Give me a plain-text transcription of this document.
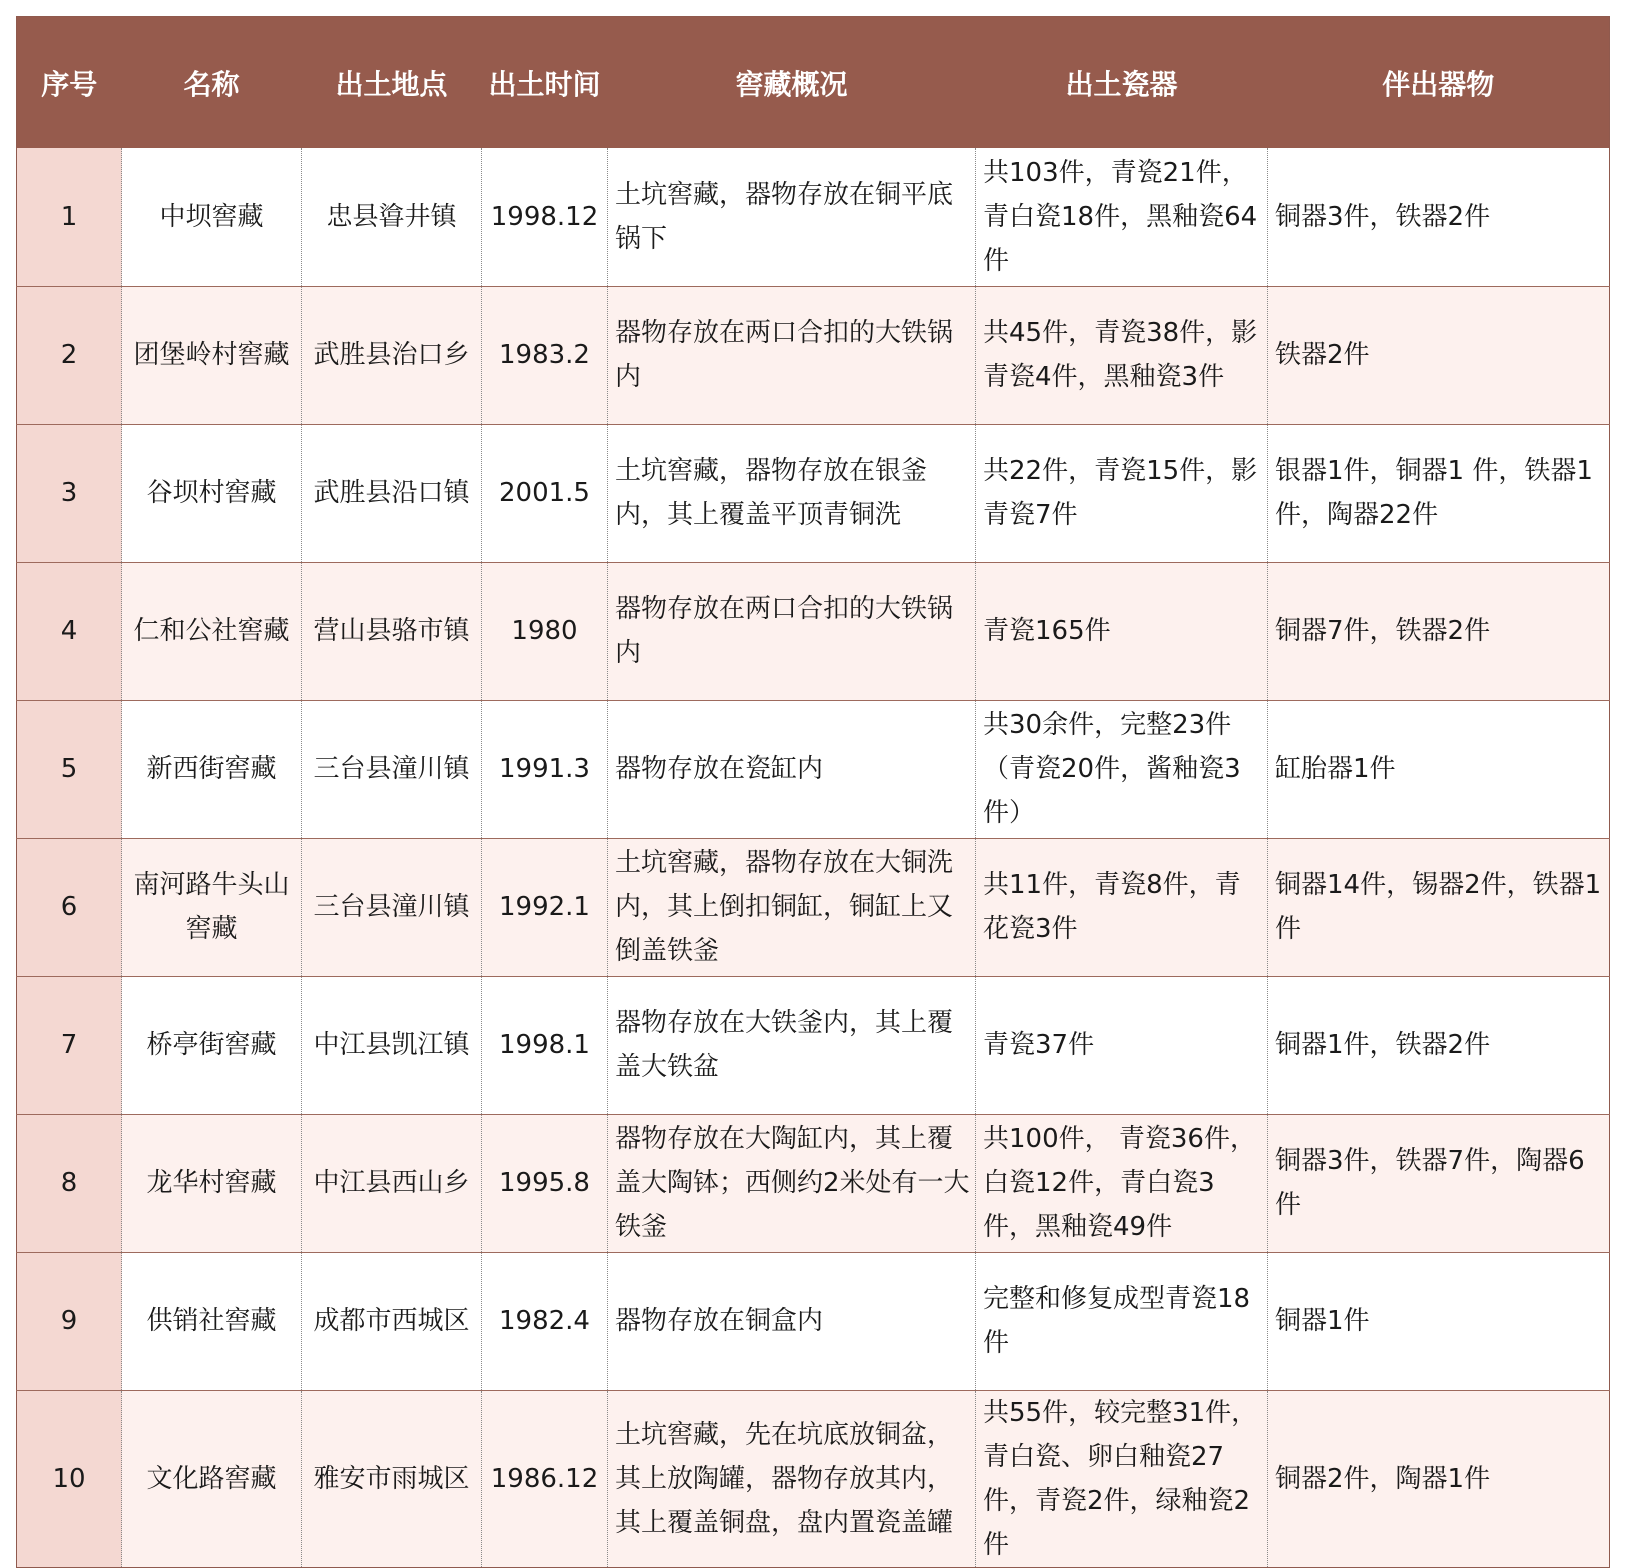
序号	名称	出土地点	出土时间	窖藏概况	出土瓷器	伴出器物
1	中坝窖藏	忠县㽏井镇	1998.12	土坑窖藏，器物存放在铜平底锅下	共103件，青瓷21件，青白瓷18件，黑釉瓷64件	铜器3件，铁器2件
2	团堡岭村窖藏	武胜县治口乡	1983.2	器物存放在两口合扣的大铁锅内	共45件，青瓷38件，影青瓷4件，黑釉瓷3件	铁器2件
3	谷坝村窖藏	武胜县沿口镇	2001.5	土坑窖藏，器物存放在银釜内，其上覆盖平顶青铜洗	共22件，青瓷15件，影青瓷7件	银器1件，铜器1 件，铁器1件，陶器22件
4	仁和公社窖藏	营山县骆市镇	1980	器物存放在两口合扣的大铁锅内	青瓷165件	铜器7件，铁器2件
5	新西街窖藏	三台县潼川镇	1991.3	器物存放在瓷缸内	共30余件，完整23件（青瓷20件，酱釉瓷3件）	缸胎器1件
6	南河路牛头山窖藏	三台县潼川镇	1992.1	土坑窖藏，器物存放在大铜洗内，其上倒扣铜缸，铜缸上又倒盖铁釜	共11件，青瓷8件，青花瓷3件	铜器14件，锡器2件，铁器1件
7	桥亭街窖藏	中江县凯江镇	1998.1	器物存放在大铁釜内，其上覆盖大铁盆	青瓷37件	铜器1件，铁器2件
8	龙华村窖藏	中江县西山乡	1995.8	器物存放在大陶缸内，其上覆盖大陶钵；西侧约2米处有一大铁釜	共100件， 青瓷36件，白瓷12件，青白瓷3件，黑釉瓷49件	铜器3件，铁器7件，陶器6件
9	供销社窖藏	成都市西城区	1982.4	器物存放在铜盒内	完整和修复成型青瓷18件	铜器1件
10	文化路窖藏	雅安市雨城区	1986.12	土坑窖藏，先在坑底放铜盆，其上放陶罐，器物存放其内，其上覆盖铜盘，盘内置瓷盖罐	共55件，较完整31件，青白瓷、卵白釉瓷27件，青瓷2件，绿釉瓷2件	铜器2件，陶器1件
